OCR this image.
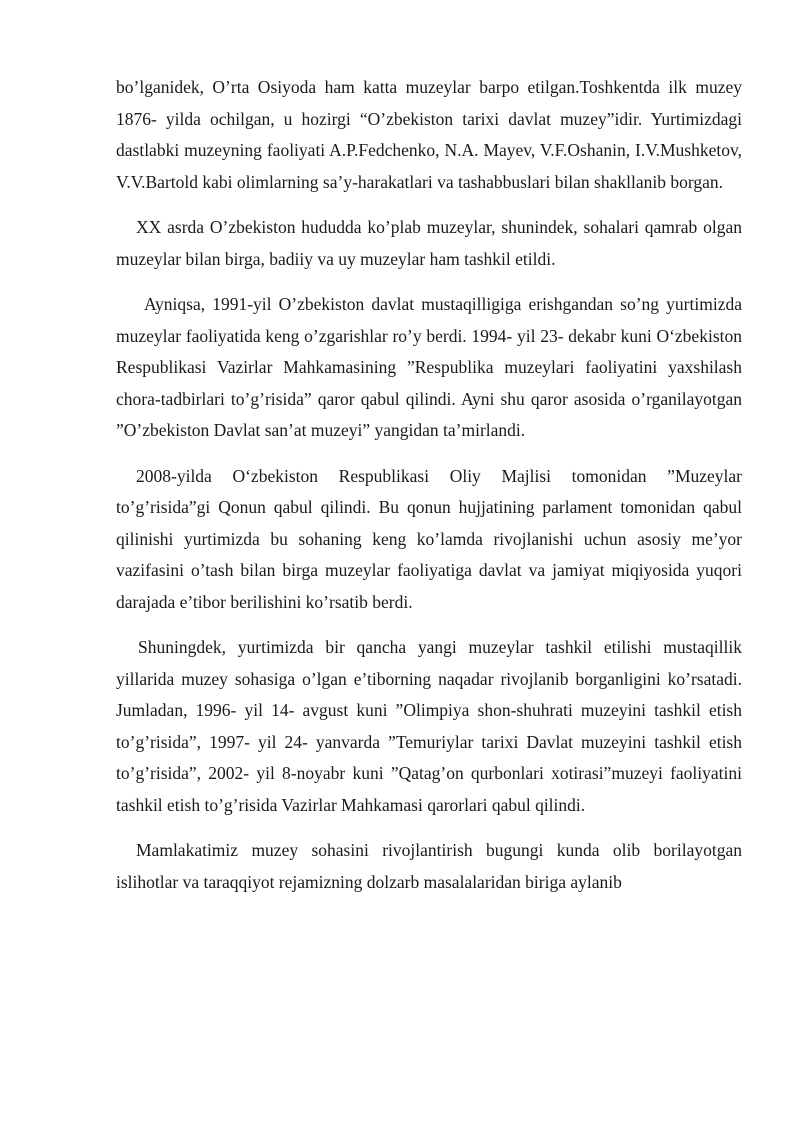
bo’lganidek, O’rta Osiyoda ham katta muzeylar barpo etilgan.Toshkentda ilk muzey 1876- yilda ochilgan, u hozirgi “O’zbekiston tarixi davlat muzey”idir. Yurtimizdagi dastlabki muzeyning faoliyati A.P.Fedchenko, N.A. Mayev, V.F.Oshanin, I.V.Mushketov, V.V.Bartold kabi olimlarning sa’y-harakatlari va tashabbuslari bilan shakllanib borgan.

XX asrda O’zbekiston hududda ko’plab muzeylar, shunindek, sohalari qamrab olgan muzeylar bilan birga, badiiy va uy muzeylar ham tashkil etildi.

Ayniqsa, 1991-yil O’zbekiston davlat mustaqilligiga erishgandan so’ng yurtimizda muzeylar faoliyatida keng o’zgarishlar ro’y berdi. 1994- yil 23- dekabr kuni O‘zbekiston Respublikasi Vazirlar Mahkamasining ”Respublika muzeylari faoliyatini yaxshilash chora-tadbirlari to’g’risida” qaror qabul qilindi. Ayni shu qaror asosida o’rganilayotgan ”O’zbekiston Davlat san’at muzeyi” yangidan ta’mirlandi.

2008-yilda O‘zbekiston Respublikasi Oliy Majlisi tomonidan ”Muzeylar to’g’risida”gi Qonun qabul qilindi. Bu qonun hujjatining parlament tomonidan qabul qilinishi yurtimizda bu sohaning keng ko’lamda rivojlanishi uchun asosiy me’yor vazifasini o’tash bilan birga muzeylar faoliyatiga davlat va jamiyat miqiyosida yuqori darajada e’tibor berilishini ko’rsatib berdi.

Shuningdek, yurtimizda bir qancha yangi muzeylar tashkil etilishi mustaqillik yillarida muzey sohasiga o’lgan e’tiborning naqadar rivojlanib borganligini ko’rsatadi. Jumladan, 1996- yil 14- avgust kuni ”Olimpiya shon-shuhrati muzeyini tashkil etish to’g’risida”, 1997- yil 24- yanvarda ”Temuriylar tarixi Davlat muzeyini tashkil etish to’g’risida”, 2002- yil 8-noyabr kuni ”Qatag’on qurbonlari xotirasi”muzeyi faoliyatini tashkil etish to’g’risida Vazirlar Mahkamasi qarorlari qabul qilindi.

Mamlakatimiz muzey sohasini rivojlantirish bugungi kunda olib borilayotgan islihotlar va taraqqiyot rejamizning dolzarb masalalaridan biriga aylanib
